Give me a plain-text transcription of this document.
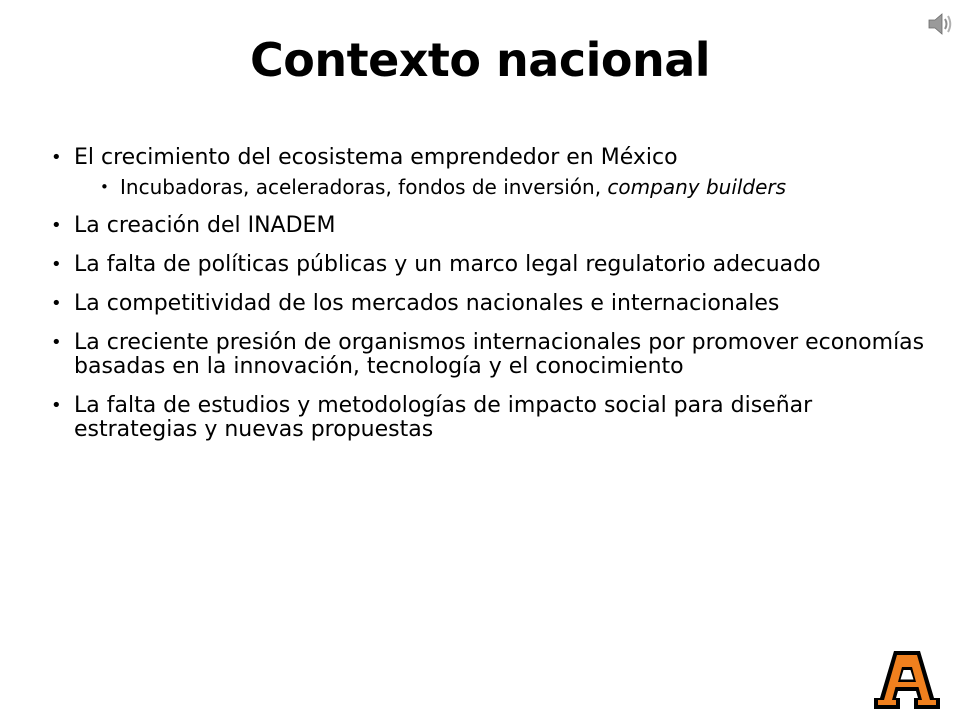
Contexto nacional
• El crecimiento del ecosistema emprendedor en México
• Incubadoras, aceleradoras, fondos de inversión, company builders
• La creación del INADEM
• La falta de políticas públicas y un marco legal regulatorio adecuado
• La competitividad de los mercados nacionales e internacionales
• La creciente presión de organismos internacionales por promover economías basadas en la innovación, tecnología y el conocimiento
• La falta de estudios y metodologías de impacto social para diseñar estrategias y nuevas propuestas
